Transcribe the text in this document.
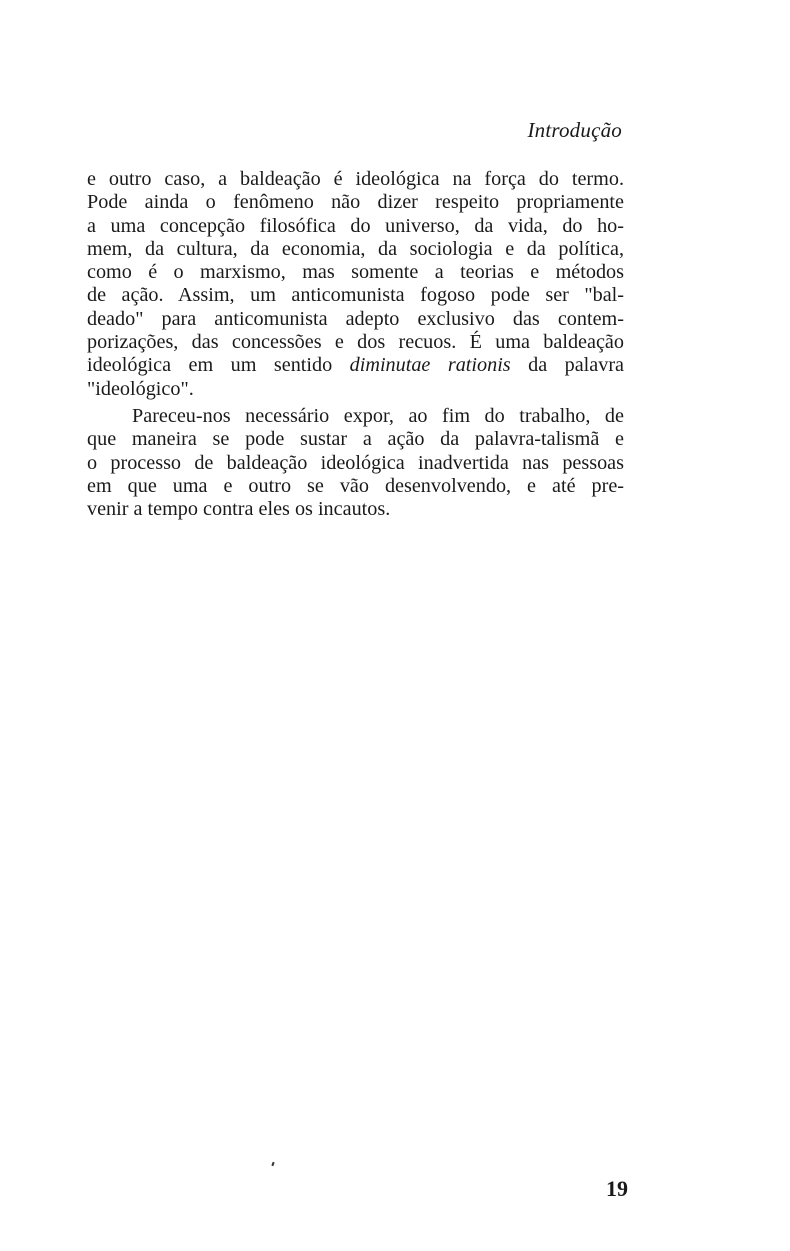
Introdução
e outro caso, a baldeação é ideológica na força do termo.
Pode ainda o fenômeno não dizer respeito propriamente
a uma concepção filosófica do universo, da vida, do ho-
mem, da cultura, da economia, da sociologia e da política,
como é o marxismo, mas somente a teorias e métodos
de ação. Assim, um anticomunista fogoso pode ser "bal-
deado" para anticomunista adepto exclusivo das contem-
porizações, das concessões e dos recuos. É uma baldeação
ideológica em um sentido diminutae rationis da palavra
"ideológico".
Pareceu-nos necessário expor, ao fim do trabalho, de
que maneira se pode sustar a ação da palavra-talismã e
o processo de baldeação ideológica inadvertida nas pessoas
em que uma e outro se vão desenvolvendo, e até pre-
venir a tempo contra eles os incautos.
19
